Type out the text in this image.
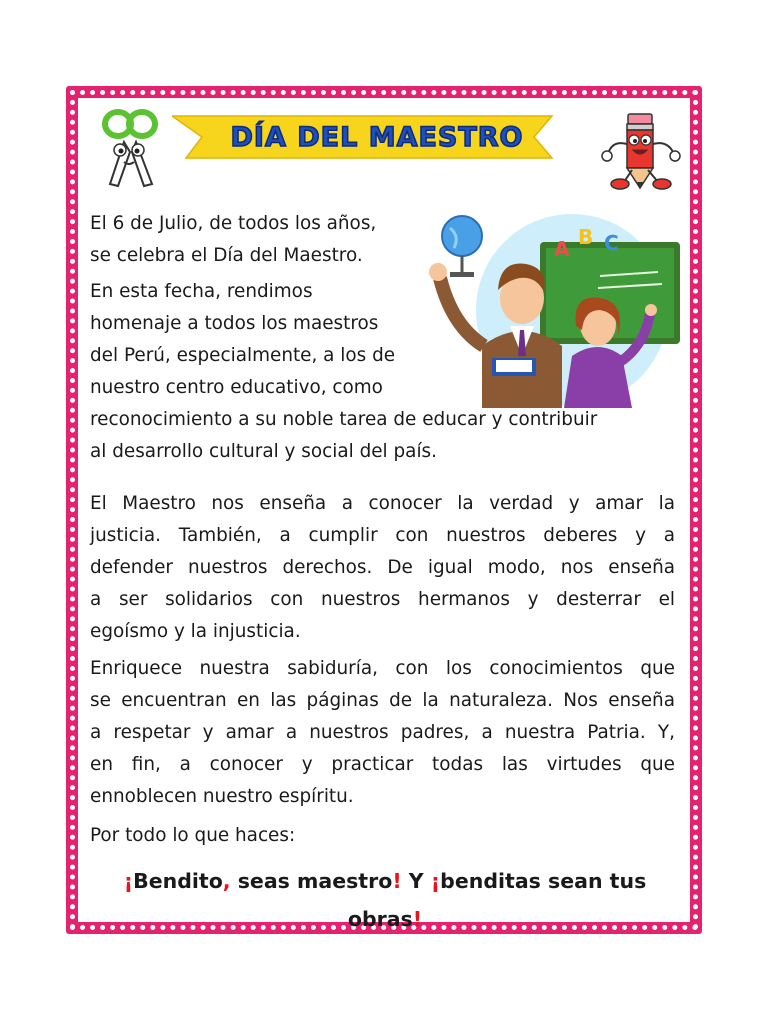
DÍA DEL MAESTRO
A B C
El 6 de Julio, de todos los años,
se celebra el Día del Maestro.
En esta fecha, rendimos
homenaje a todos los maestros
del Perú, especialmente, a los de
nuestro centro educativo, como
reconocimiento a su noble tarea de educar y contribuir
al desarrollo cultural y social del país.
El Maestro nos enseña a conocer la verdad y amar la
justicia. También, a cumplir con nuestros deberes y a
defender nuestros derechos. De igual modo, nos enseña
a ser solidarios con nuestros hermanos y desterrar el
egoísmo y la injusticia.
Enriquece nuestra sabiduría, con los conocimientos que
se encuentran en las páginas de la naturaleza. Nos enseña
a respetar y amar a nuestros padres, a nuestra Patria. Y,
en fin, a conocer y practicar todas las virtudes que
ennoblecen nuestro espíritu.
Por todo lo que haces:
¡Bendito, seas maestro! Y ¡benditas sean tus
obras!
